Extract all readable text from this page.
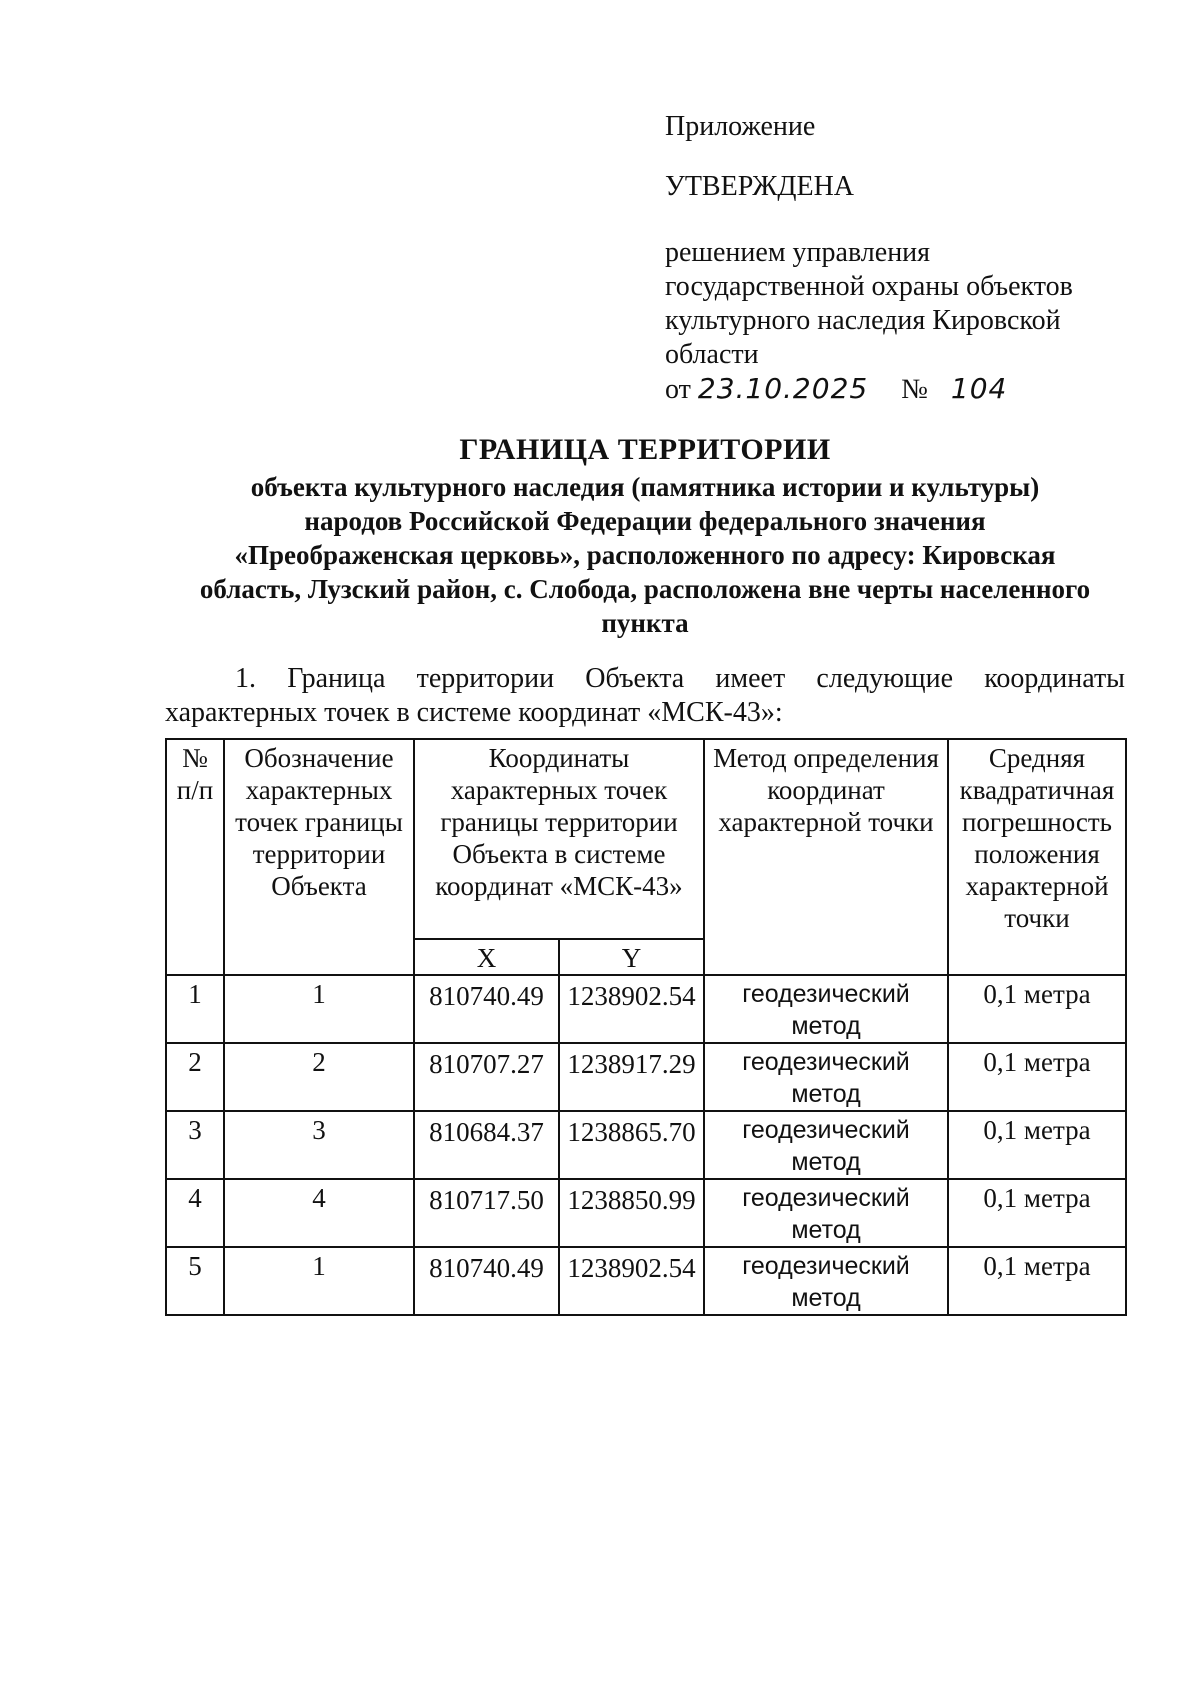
Приложение
УТВЕРЖДЕНА
решением управления
государственной охраны объектов
культурного наследия Кировской
области
от 23.10.2025 № 104
ГРАНИЦА ТЕРРИТОРИИ
объекта культурного наследия (памятника истории и культуры)
народов Российской Федерации федерального значения
«Преображенская церковь», расположенного по адресу: Кировская
область, Лузский район, с. Слобода, расположена вне черты населенного
пункта
1. Граница территории Объекта имеет следующие координаты характерных точек в системе координат «МСК-43»:
№ п/п	Обозначение характерных точек границы территории Объекта	Координаты характерных точек границы территории Объекта в системе координат «МСК-43»		Метод определения координат характерной точки	Средняя квадратичная погрешность положения характерной точки
		X	Y		
1	1	810740.49	1238902.54	геодезический метод	0,1 метра
2	2	810707.27	1238917.29	геодезический метод	0,1 метра
3	3	810684.37	1238865.70	геодезический метод	0,1 метра
4	4	810717.50	1238850.99	геодезический метод	0,1 метра
5	1	810740.49	1238902.54	геодезический метод	0,1 метра
